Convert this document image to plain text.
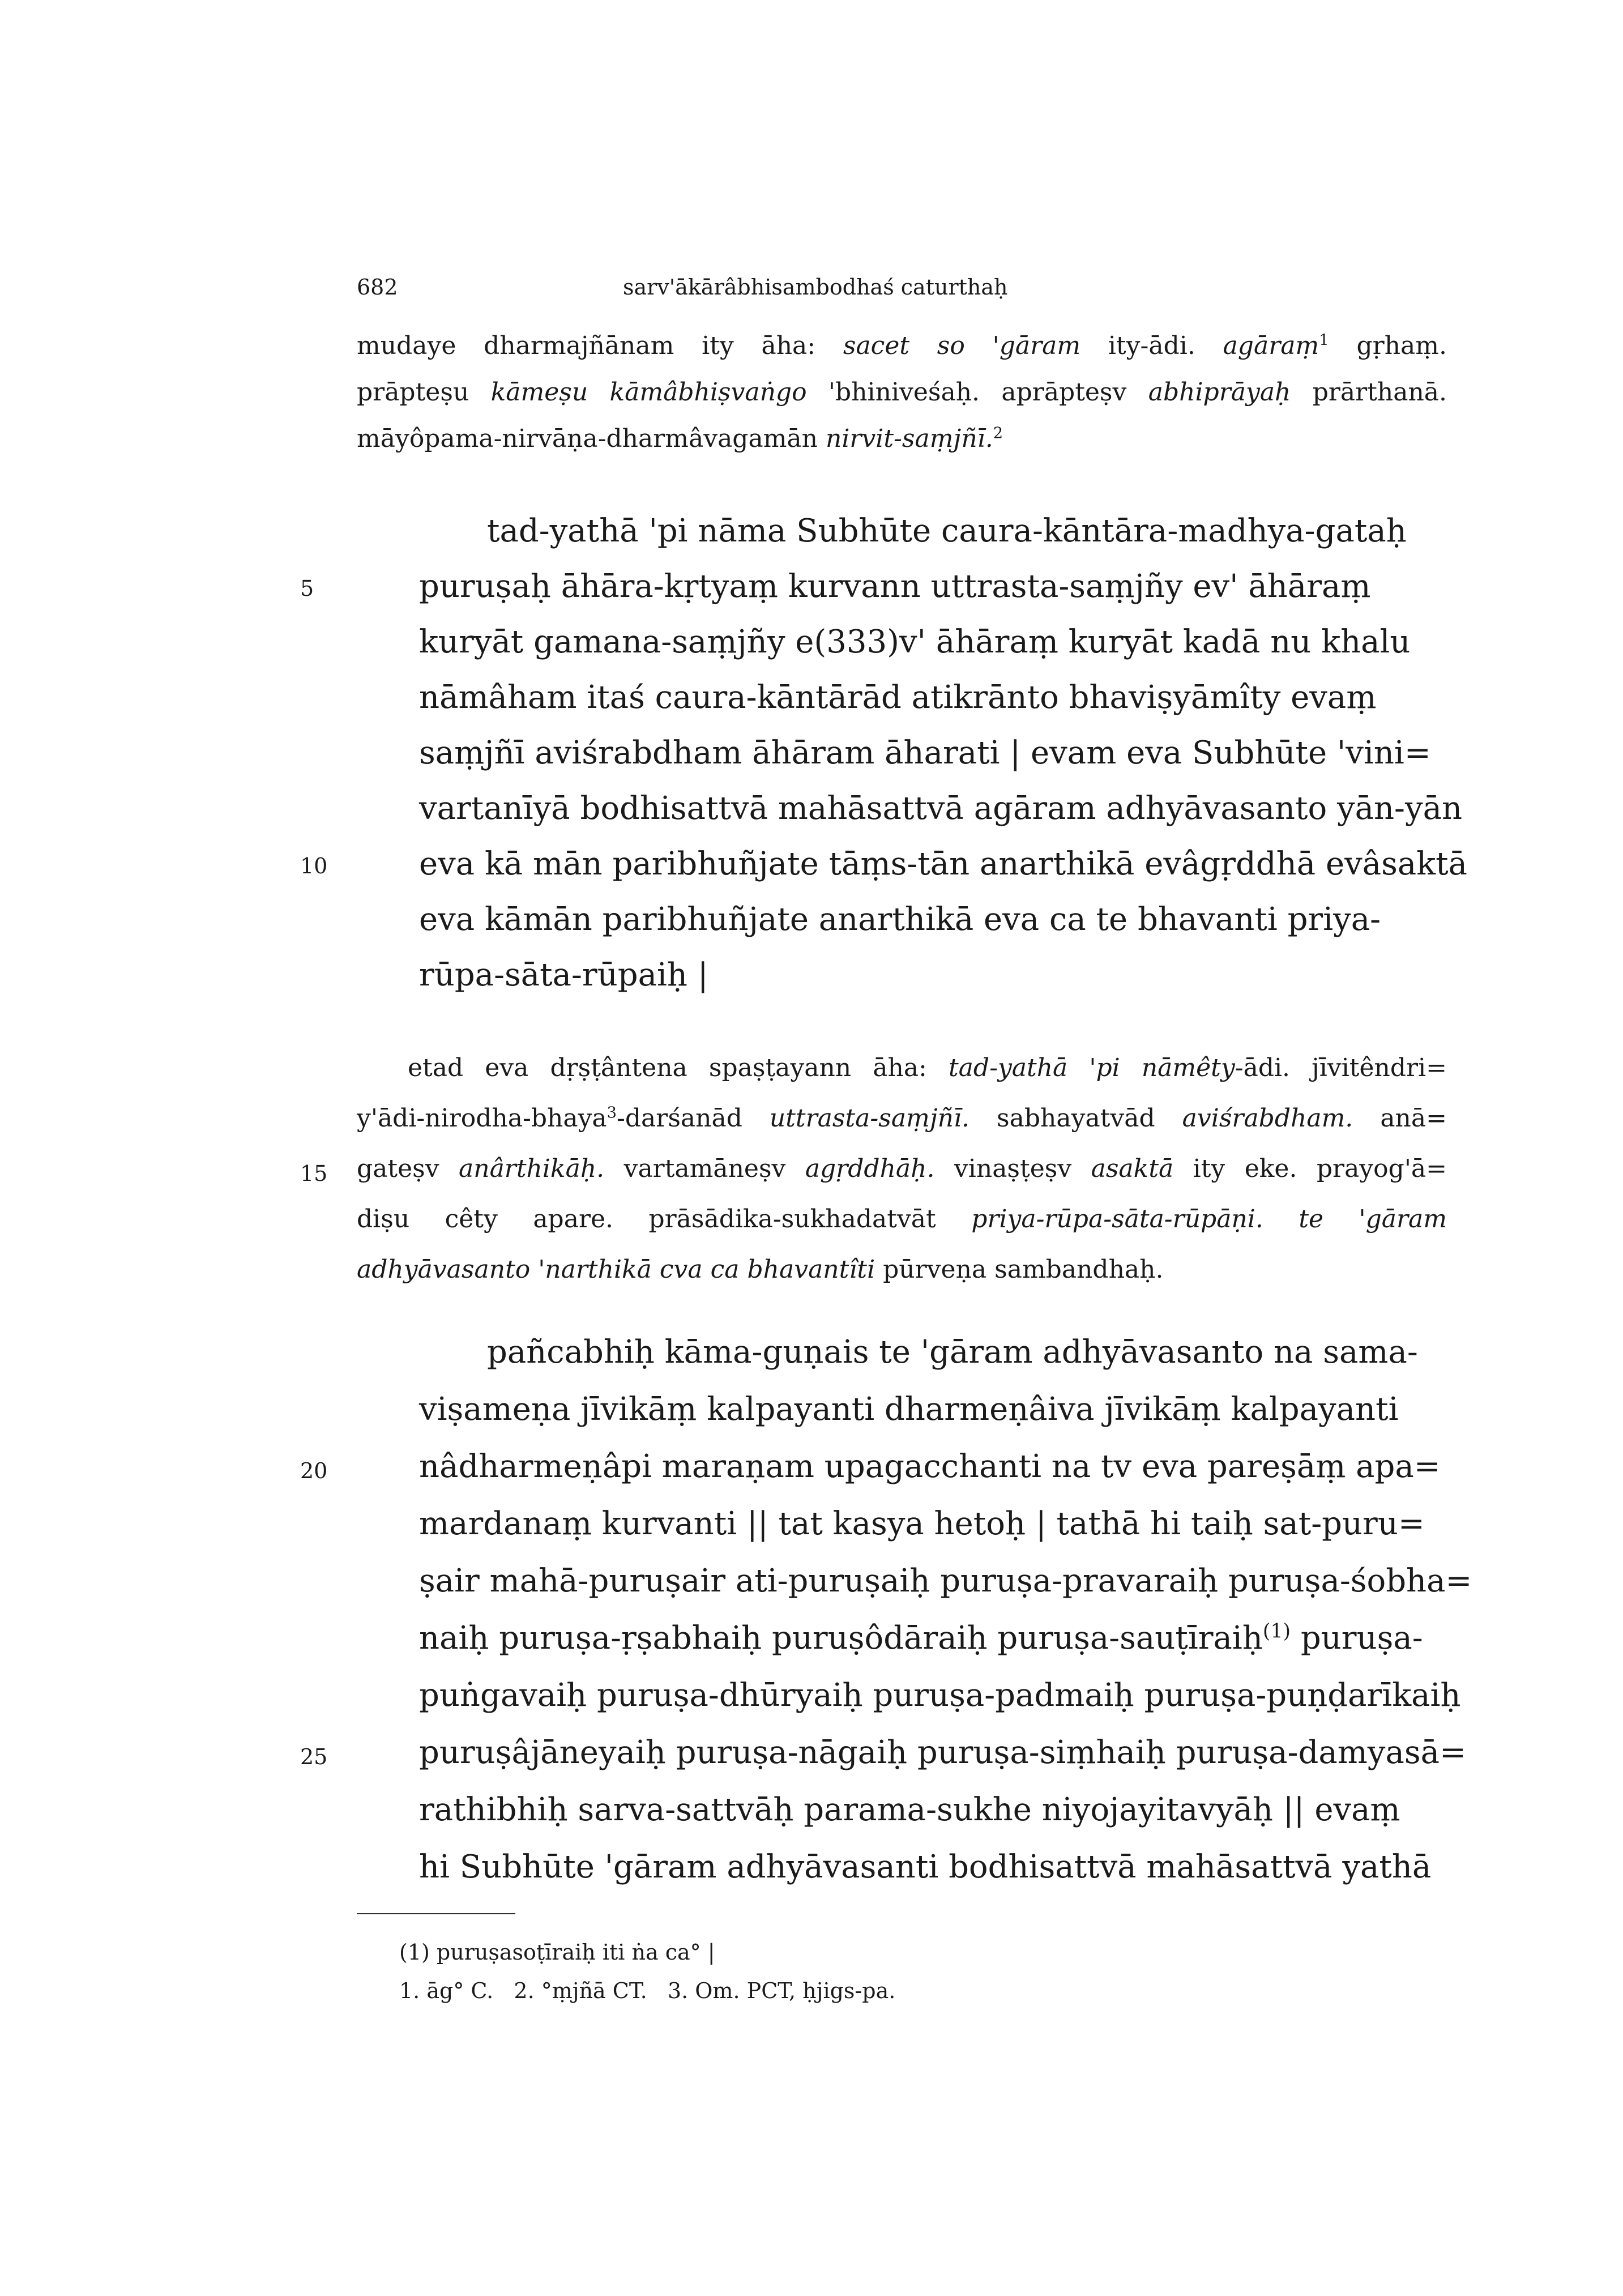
682	sarv'ākārâbhisambodhaś caturthaḥ
mudaye dharmajñānam ity āha: sacet so 'gāram ity-ādi. agāraṃ$^1$ gṛhaṃ.
prāpteṣu kāmeṣu kāmâbhiṣvaṅgo 'bhiniveśaḥ. aprāpteṣv abhiprāyaḥ prārthanā.
māyôpama-nirvāṇa-dharmâvagamān nirvit-saṃjñī.$^2$
tad-yathā 'pi nāma Subhūte caura-kāntāra-madhya-gataḥ
puruṣaḥ āhāra-kṛtyaṃ kurvann uttrasta-saṃjñy ev' āhāraṃ
kuryāt gamana-saṃjñy e(333)v' āhāraṃ kuryāt kadā nu khalu
nāmâham itaś caura-kāntārād atikrānto bhaviṣyāmîty evaṃ
saṃjñī aviśrabdham āhāram āharati | evam eva Subhūte 'vini=
vartanīyā bodhisattvā mahāsattvā agāram adhyāvasanto yān-yān
eva kā mān paribhuñjate tāṃs-tān anarthikā evâgṛddhā evâsaktā
eva kāmān paribhuñjate anarthikā eva ca te bhavanti priya-
rūpa-sāta-rūpaiḥ |
etad eva dṛṣṭântena spaṣṭayann āha: tad-yathā 'pi nāmêty-ādi. jīvitêndri=
y'ādi-nirodha-bhaya$^3$-darśanād uttrasta-saṃjñī. sabhayatvād aviśrabdham. anā=
gateṣv anârthikāḥ. vartamāneṣv agṛddhāḥ. vinaṣṭeṣv asaktā ity eke. prayog'ā=
diṣu cêty apare. prāsādika-sukhadatvāt priya-rūpa-sāta-rūpāṇi. te 'gāram
adhyāvasanto 'narthikā cva ca bhavantîti pūrveṇa sambandhaḥ.
pañcabhiḥ kāma-guṇais te 'gāram adhyāvasanto na sama-
viṣameṇa jīvikāṃ kalpayanti dharmeṇâiva jīvikāṃ kalpayanti
nâdharmeṇâpi maraṇam upagacchanti na tv eva pareṣāṃ apa=
mardanaṃ kurvanti || tat kasya hetoḥ | tathā hi taiḥ sat-puru=
ṣair mahā-puruṣair ati-puruṣaiḥ puruṣa-pravaraiḥ puruṣa-śobha=
naiḥ puruṣa-ṛṣabhaiḥ puruṣôdāraiḥ puruṣa-sauṭīraiḥ$^{(1)}$ puruṣa-
puṅgavaiḥ puruṣa-dhūryaiḥ puruṣa-padmaiḥ puruṣa-puṇḍarīkaiḥ
puruṣâjāneyaiḥ puruṣa-nāgaiḥ puruṣa-siṃhaiḥ puruṣa-damyasā=
rathibhiḥ sarva-sattvāḥ parama-sukhe niyojayitavyāḥ || evaṃ
hi Subhūte 'gāram adhyāvasanti bodhisattvā mahāsattvā yathā
5
10
15
20
25
(1) puruṣasoṭīraiḥ iti ṅa ca° |
1. āg° C.   2. °ṃjñā CT.   3. Om. PCT, ḥjigs-pa.
